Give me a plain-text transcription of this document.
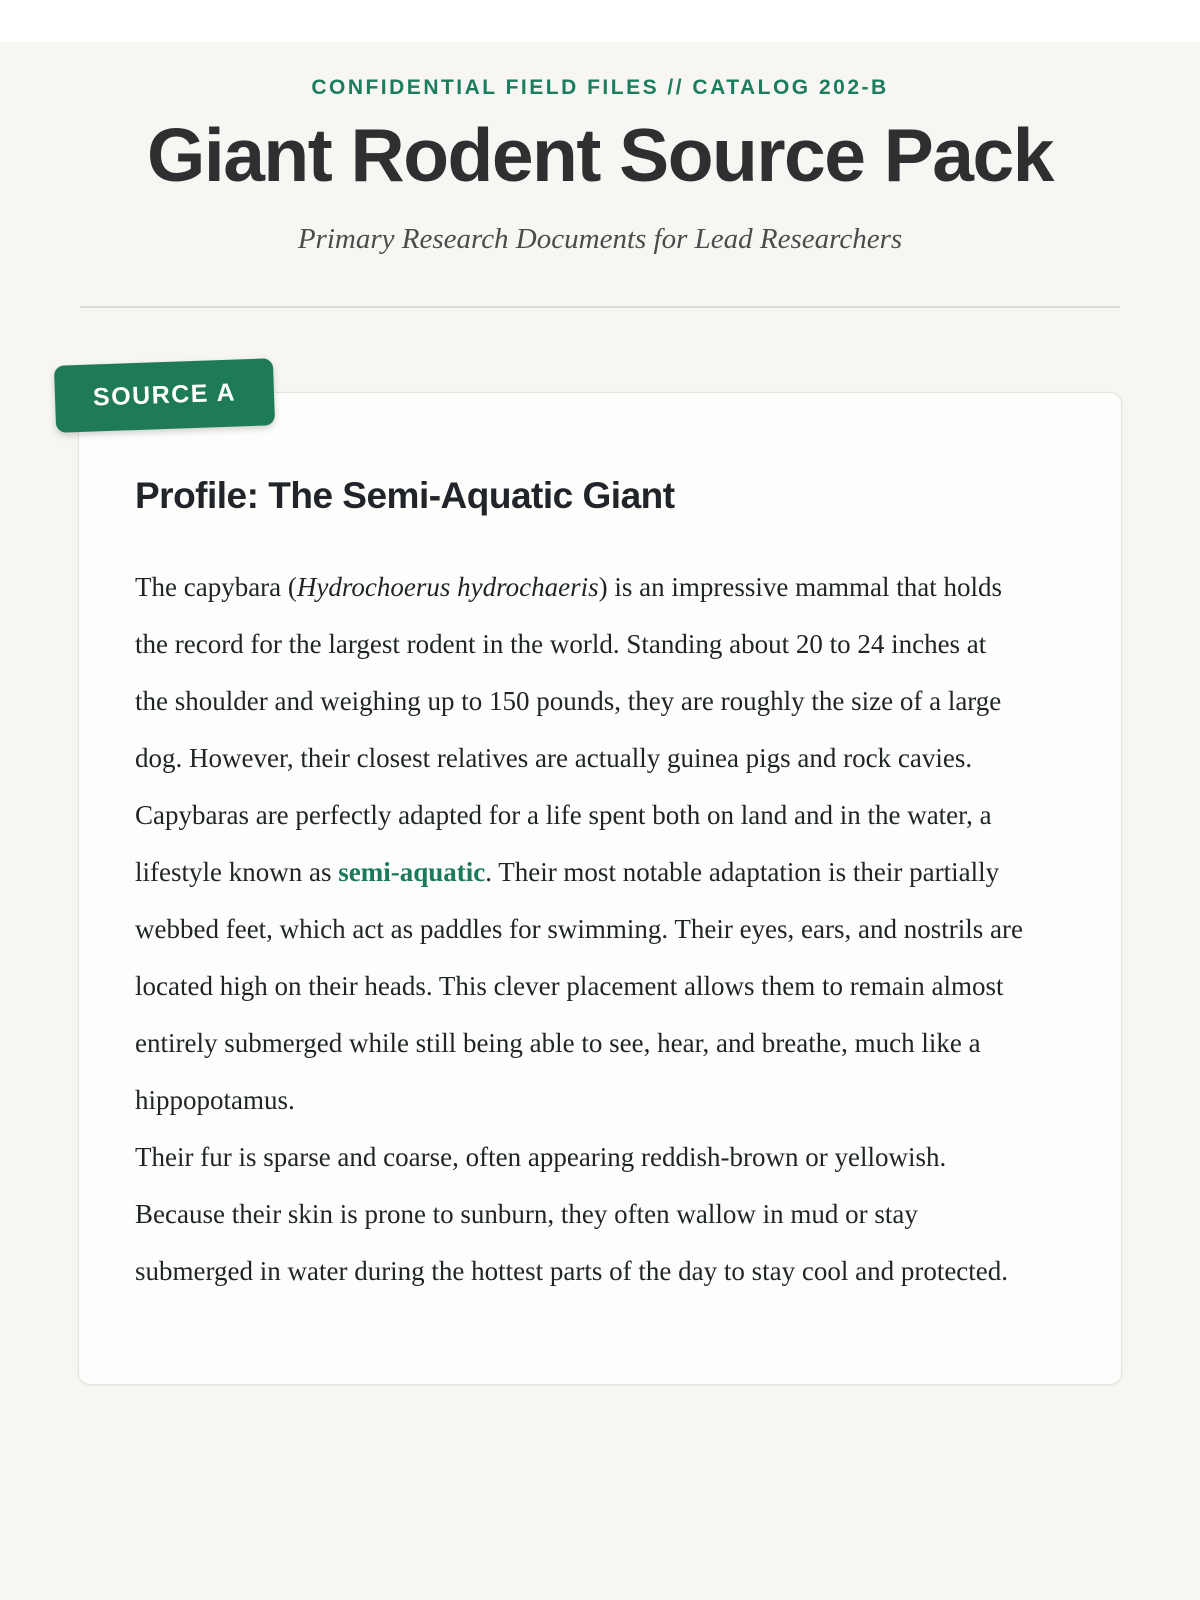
CONFIDENTIAL FIELD FILES // CATALOG 202-B
Giant Rodent Source Pack
Primary Research Documents for Lead Researchers
SOURCE A
Profile: The Semi-Aquatic Giant

The capybara (Hydrochoerus hydrochaeris) is an impressive mammal that holds the record for the largest rodent in the world. Standing about 20 to 24 inches at the shoulder and weighing up to 150 pounds, they are roughly the size of a large dog. However, their closest relatives are actually guinea pigs and rock cavies.

Capybaras are perfectly adapted for a life spent both on land and in the water, a lifestyle known as semi-aquatic. Their most notable adaptation is their partially webbed feet, which act as paddles for swimming. Their eyes, ears, and nostrils are located high on their heads. This clever placement allows them to remain almost entirely submerged while still being able to see, hear, and breathe, much like a hippopotamus.

Their fur is sparse and coarse, often appearing reddish-brown or yellowish. Because their skin is prone to sunburn, they often wallow in mud or stay submerged in water during the hottest parts of the day to stay cool and protected.
